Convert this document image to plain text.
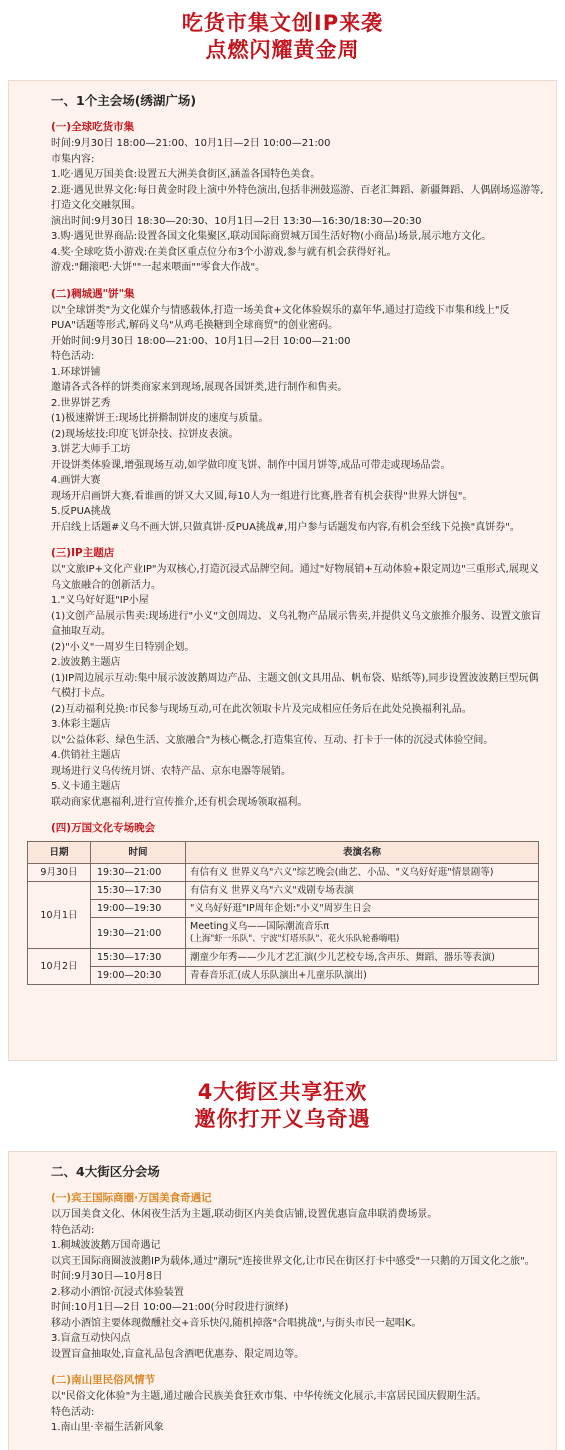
吃货市集文创IP来袭
点燃闪耀黄金周
一、1个主会场(绣湖广场)
(一)全球吃货市集
时间:9月30日 18:00—21:00、10月1日—2日 10:00—21:00
市集内容:
1.吃·遇见万国美食:设置五大洲美食街区,涵盖各国特色美食。
2.逛·遇见世界文化:每日黄金时段上演中外特色演出,包括非洲鼓巡游、百老汇舞蹈、新疆舞蹈、人偶剧场巡游等,打造文化交融氛围。
演出时间:9月30日 18:30—20:30、10月1日—2日 13:30—16:30/18:30—20:30
3.购·遇见世界商品:设置各国文化集聚区,联动国际商贸城万国生活好物(小商品)场景,展示地方文化。
4.奖·全球吃货小游戏:在美食区重点位分布3个小游戏,参与就有机会获得好礼。
游戏:"翻滚吧·大饼""一起来喂面""零食大作战"。
(二)稠城遇"饼"集
以"全球饼类"为文化媒介与情感载体,打造一场美食+文化体验娱乐的嘉年华,通过打造线下市集和线上"反PUA"话题等形式,解码义乌"从鸡毛换糖到全球商贸"的创业密码。
开始时间:9月30日 18:00—21:00、10月1日—2日 10:00—21:00
特色活动:
1.环球饼铺
邀请各式各样的饼类商家来到现场,展现各国饼类,进行制作和售卖。
2.世界饼艺秀
(1)极速擀饼王:现场比拼擀制饼皮的速度与质量。
(2)现场炫技:印度飞饼杂技、拉饼皮表演。
3.饼艺大师手工坊
开设饼类体验课,增强现场互动,如学做印度飞饼、制作中国月饼等,成品可带走或现场品尝。
4.画饼大赛
现场开启画饼大赛,看谁画的饼又大又圆,每10人为一组进行比赛,胜者有机会获得"世界大饼包"。
5.反PUA挑战
开启线上话题#义乌不画大饼,只做真饼·反PUA挑战#,用户参与话题发布内容,有机会至线下兑换"真饼券"。
(三)IP主题店
以"文旅IP+文化产业IP"为双核心,打造沉浸式品牌空间。通过"好物展销+互动体验+限定周边"三重形式,展现义乌文旅融合的创新活力。
1."义乌好好逛"IP小屋
(1)文创产品展示售卖:现场进行"小义"文创周边、义乌礼物产品展示售卖,并提供义乌文旅推介服务、设置文旅盲盒抽取互动。
(2)"小义"一周岁生日特别企划。
2.波波鹅主题店
(1)IP周边展示互动:集中展示波波鹅周边产品、主题文创(文具用品、帆布袋、贴纸等),同步设置波波鹅巨型玩偶气模打卡点。
(2)互动福利兑换:市民参与现场互动,可在此次领取卡片及完成相应任务后在此处兑换福利礼品。
3.体彩主题店
以"公益体彩、绿色生活、文旅融合"为核心概念,打造集宣传、互动、打卡于一体的沉浸式体验空间。
4.供销社主题店
现场进行义乌传统月饼、农特产品、京东电器等展销。
5.义卡通主题店
联动商家优惠福利,进行宣传推介,还有机会现场领取福利。
(四)万国文化专场晚会
日期	时间	表演名称
9月30日	19:30—21:00	有信有义 世界义乌"六义"综艺晚会(曲艺、小品、"义乌好好逛"情景剧等)
10月1日	15:30—17:30	有信有义 世界义乌"六义"戏剧专场表演
	19:00—19:30	"义乌好好逛"IP周年企划:"小义"周岁生日会
	19:30—21:00	Meeting义乌——国际潮流音乐π
(上海"虾一乐队"、宁波"灯塔乐队"、花火乐队轮番嗨唱)

10月2日	15:30—17:30	潮童少年秀——少儿才艺汇演(少儿艺校专场,含声乐、舞蹈、器乐等表演)
	19:00—20:30	青春音乐汇(成人乐队演出+儿童乐队演出)
4大街区共享狂欢
邀你打开义乌奇遇
二、4大街区分会场
(一)宾王国际商圈·万国美食奇遇记
以万国美食文化、休闲夜生活为主题,联动街区内美食店铺,设置优惠盲盒串联消费场景。
特色活动:
1.稠城波波鹅万国奇遇记
以宾王国际商圈波波鹅IP为载体,通过"潮玩"连接世界文化,让市民在街区打卡中感受"一只鹅的万国文化之旅"。
时间:9月30日—10月8日
2.移动小酒馆·沉浸式体验装置
时间:10月1日—2日 10:00—21:00(分时段进行演绎)
移动小酒馆主要体现微醺社交+音乐快闪,随机掉落"合唱挑战",与街头市民一起唱K。
3.盲盒互动快闪点
设置盲盒抽取处,盲盒礼品包含酒吧优惠券、限定周边等。
(二)南山里民俗风情节
以"民俗文化体验"为主题,通过融合民族美食狂欢市集、中华传统文化展示,丰富居民国庆假期生活。
特色活动:
1.南山里·幸福生活新风象
